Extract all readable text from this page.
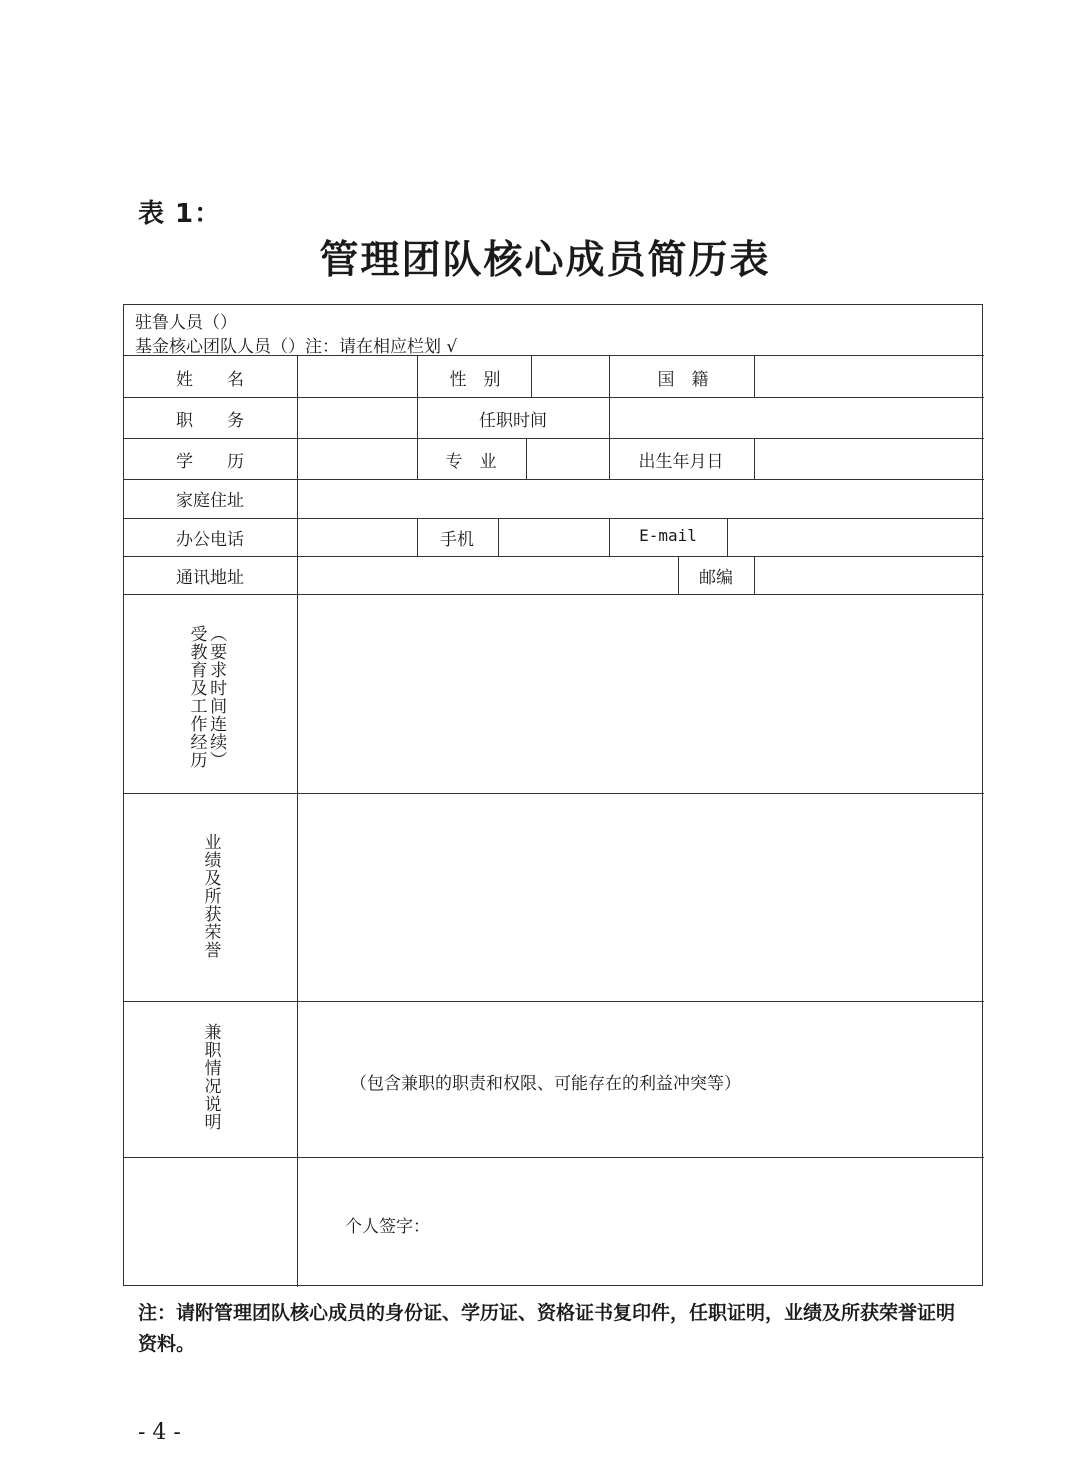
表 1：
管理团队核心成员简历表
驻鲁人员（）
基金核心团队人员（）注：请在相应栏划 √
姓　　名	性　别	国　籍
职　　务	任职时间
学　　历	专　业	出生年月日
家庭住址
办公电话	手机	E-mail
通讯地址	邮编
（要求时间连续）受教育及工作经历
业绩及所获荣誉
兼职情况说明	（包含兼职的职责和权限、可能存在的利益冲突等）
个人签字：
注：请附管理团队核心成员的身份证、学历证、资格证书复印件，任职证明，业绩及所获荣誉证明资料。
- 4 -
